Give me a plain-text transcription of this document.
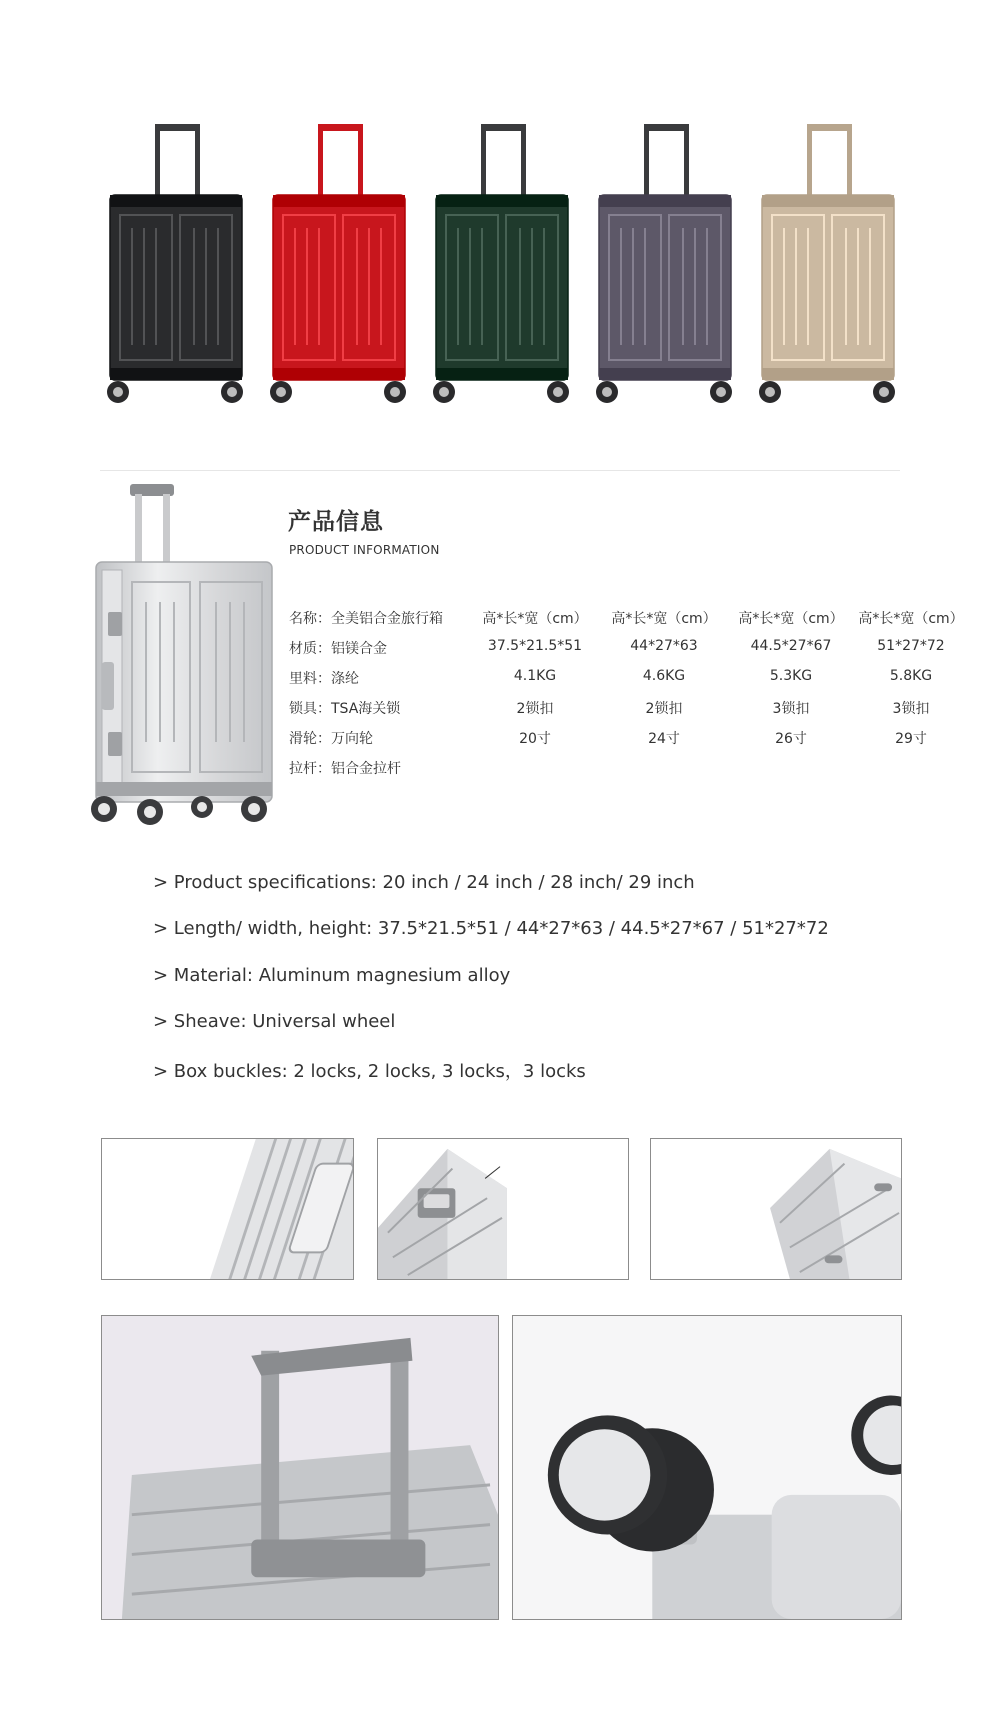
产品信息
PRODUCT INFORMATION
名称：全美铝合金旅行箱	高*长*宽（cm）	高*长*宽（cm）	高*长*宽（cm）	高*长*宽（cm）
材质：铝镁合金	37.5*21.5*51	44*27*63	44.5*27*67	51*27*72
里料：涤纶	4.1KG	4.6KG	5.3KG	5.8KG
锁具：TSA海关锁	2锁扣	2锁扣	3锁扣	3锁扣
滑轮：万向轮	20寸	24寸	26寸	29寸
拉杆：铝合金拉杆
> Product specifications: 20 inch / 24 inch / 28 inch/ 29 inch
> Length/ width, height: 37.5*21.5*51 / 44*27*63 / 44.5*27*67 / 51*27*72
> Material: Aluminum magnesium alloy
> Sheave: Universal wheel
> Box buckles: 2 locks, 2 locks, 3 locks，3 locks
